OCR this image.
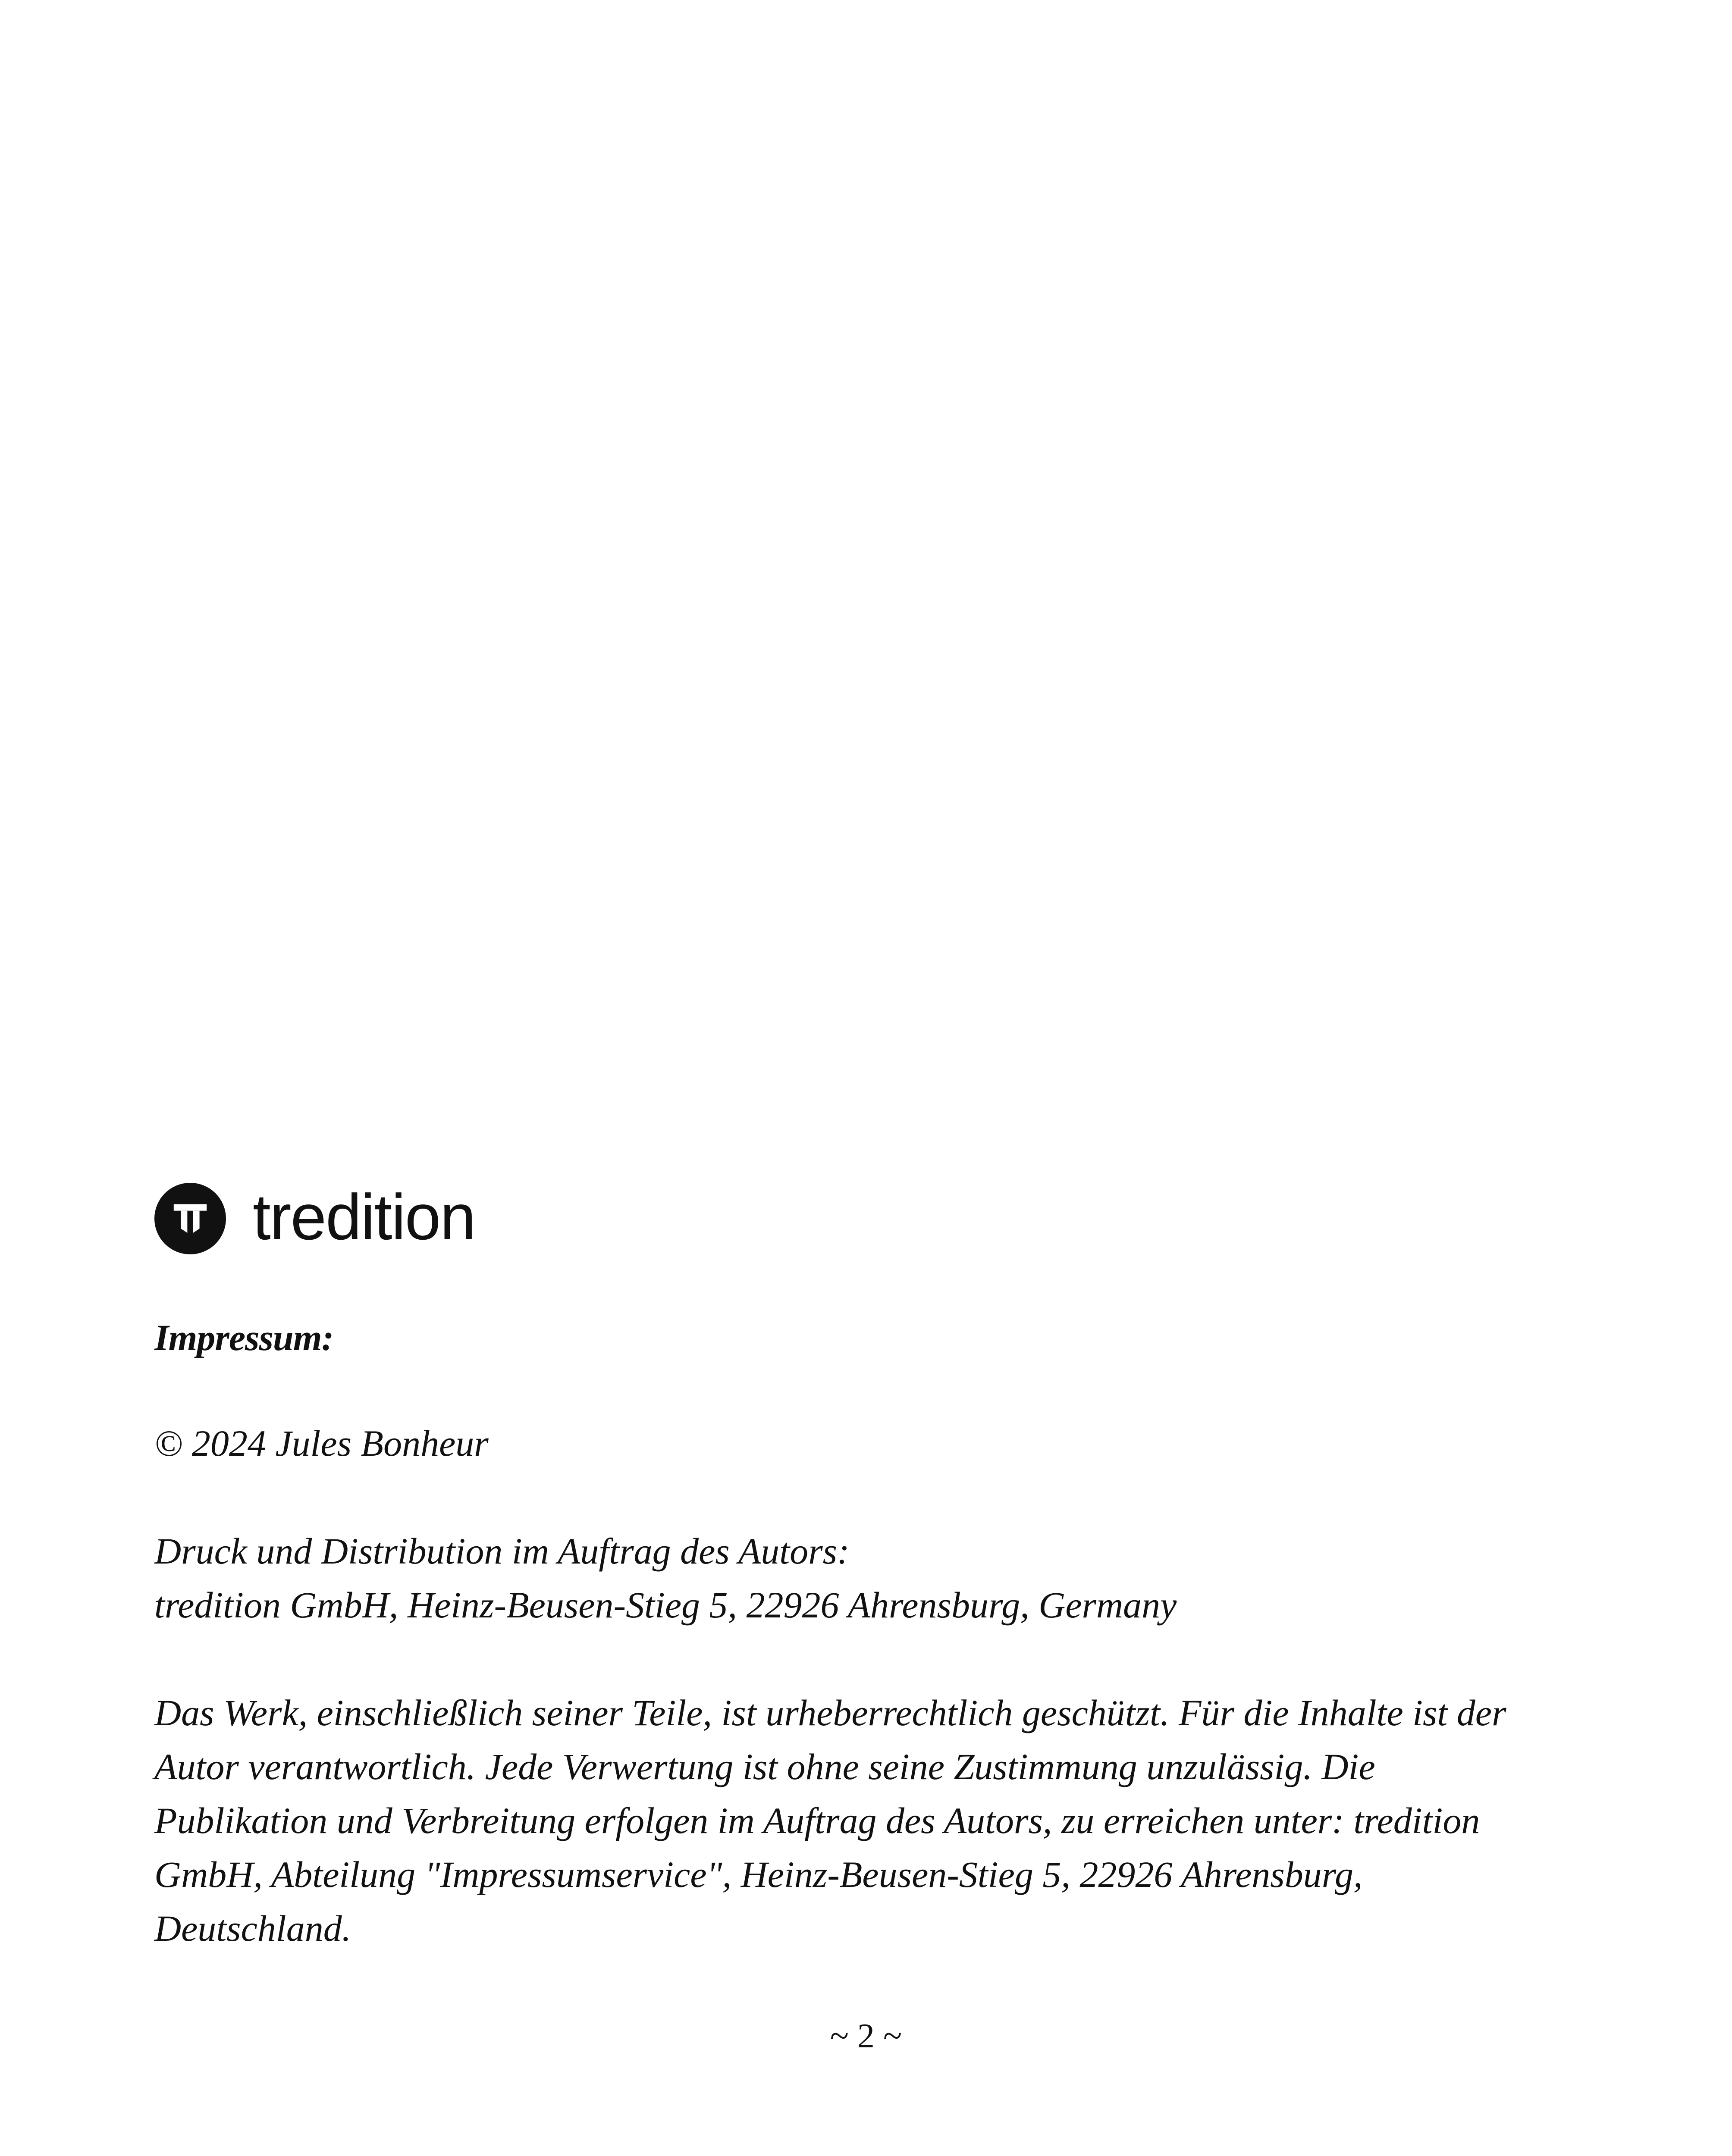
tredition
Impressum:
© 2024 Jules Bonheur
Druck und Distribution im Auftrag des Autors:
tredition GmbH, Heinz-Beusen-Stieg 5, 22926 Ahrensburg, Germany
Das Werk, einschließlich seiner Teile, ist urheberrechtlich geschützt. Für die Inhalte ist der
Autor verantwortlich. Jede Verwertung ist ohne seine Zustimmung unzulässig. Die
Publikation und Verbreitung erfolgen im Auftrag des Autors, zu erreichen unter: tredition
GmbH, Abteilung "Impressumservice", Heinz-Beusen-Stieg 5, 22926 Ahrensburg,
Deutschland.
~ 2 ~
